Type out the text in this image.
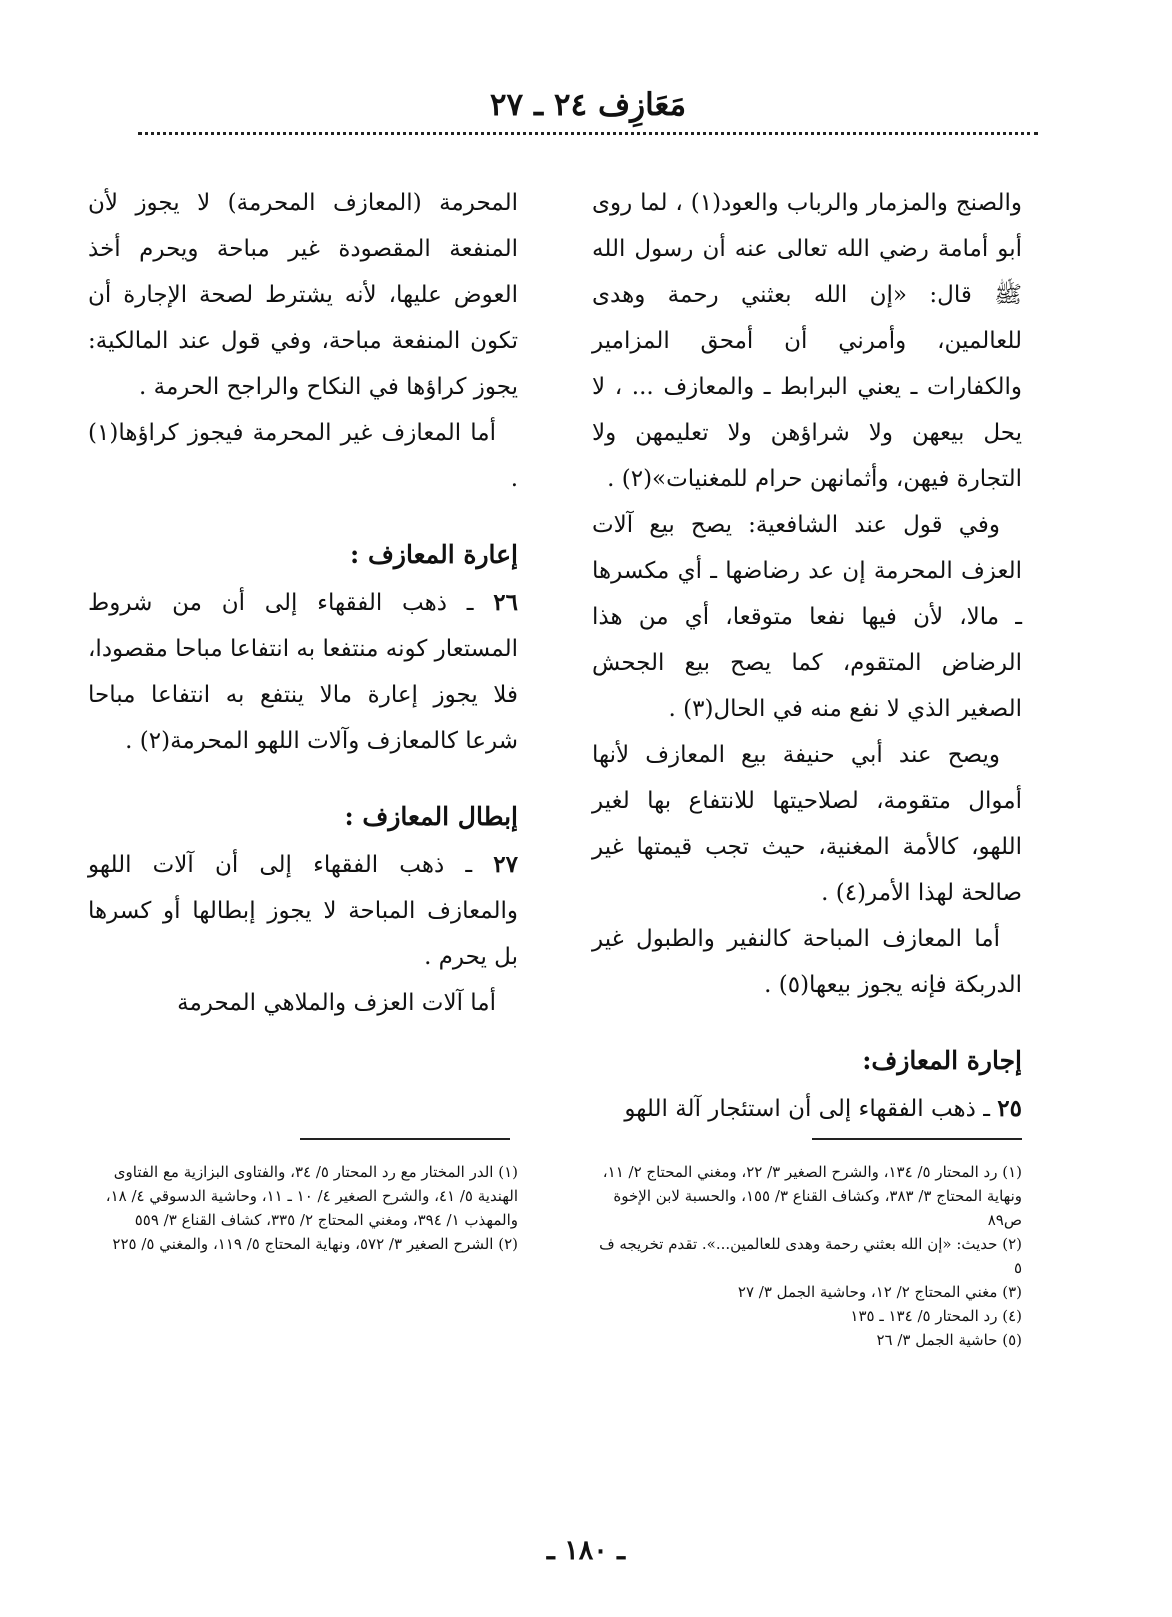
مَعَازِف ٢٤ ـ ٢٧

والصنج والمزمار والرباب والعود(١) ، لما روى أبو أمامة رضي الله تعالى عنه أن رسول الله ﷺ قال: «إن الله بعثني رحمة وهدى للعالمين، وأمرني أن أمحق المزامير والكفارات ـ يعني البرابط ـ والمعازف ... ، لا يحل بيعهن ولا شراؤهن ولا تعليمهن ولا التجارة فيهن، وأثمانهن حرام للمغنيات»(٢) .

وفي قول عند الشافعية: يصح بيع آلات العزف المحرمة إن عد رضاضها ـ أي مكسرها ـ مالا، لأن فيها نفعا متوقعا، أي من هذا الرضاض المتقوم، كما يصح بيع الجحش الصغير الذي لا نفع منه في الحال(٣) .

ويصح عند أبي حنيفة بيع المعازف لأنها أموال متقومة، لصلاحيتها للانتفاع بها لغير اللهو، كالأمة المغنية، حيث تجب قيمتها غير صالحة لهذا الأمر(٤) .

أما المعازف المباحة كالنفير والطبول غير الدربكة فإنه يجوز بيعها(٥) .

إجارة المعازف:

٢٥ ـ ذهب الفقهاء إلى أن استئجار آلة اللهو

المحرمة (المعازف المحرمة) لا يجوز لأن المنفعة المقصودة غير مباحة ويحرم أخذ العوض عليها، لأنه يشترط لصحة الإجارة أن تكون المنفعة مباحة، وفي قول عند المالكية: يجوز كراؤها في النكاح والراجح الحرمة .

أما المعازف غير المحرمة فيجوز كراؤها(١) .

إعارة المعازف :

٢٦ ـ ذهب الفقهاء إلى أن من شروط المستعار كونه منتفعا به انتفاعا مباحا مقصودا، فلا يجوز إعارة مالا ينتفع به انتفاعا مباحا شرعا كالمعازف وآلات اللهو المحرمة(٢) .

إبطال المعازف :

٢٧ ـ ذهب الفقهاء إلى أن آلات اللهو والمعازف المباحة لا يجوز إبطالها أو كسرها بل يحرم .

أما آلات العزف والملاهي المحرمة

(١) رد المحتار ٥/ ١٣٤، والشرح الصغير ٣/ ٢٢، ومغني المحتاج ٢/ ١١، ونهاية المحتاج ٣/ ٣٨٣، وكشاف القناع ٣/ ١٥٥، والحسبة لابن الإخوة ص٨٩

(٢) حديث: «إن الله بعثني رحمة وهدى للعالمين...». تقدم تخريجه ف ٥

(٣) مغني المحتاج ٢/ ١٢، وحاشية الجمل ٣/ ٢٧

(٤) رد المحتار ٥/ ١٣٤ ـ ١٣٥

(٥) حاشية الجمل ٣/ ٢٦

(١) الدر المختار مع رد المحتار ٥/ ٣٤، والفتاوى البزازية مع الفتاوى الهندية ٥/ ٤١، والشرح الصغير ٤/ ١٠ ـ ١١، وحاشية الدسوقي ٤/ ١٨، والمهذب ١/ ٣٩٤، ومغني المحتاج ٢/ ٣٣٥، كشاف القناع ٣/ ٥٥٩

(٢) الشرح الصغير ٣/ ٥٧٢، ونهاية المحتاج ٥/ ١١٩، والمغني ٥/ ٢٢٥

ـ ١٨٠ ـ
